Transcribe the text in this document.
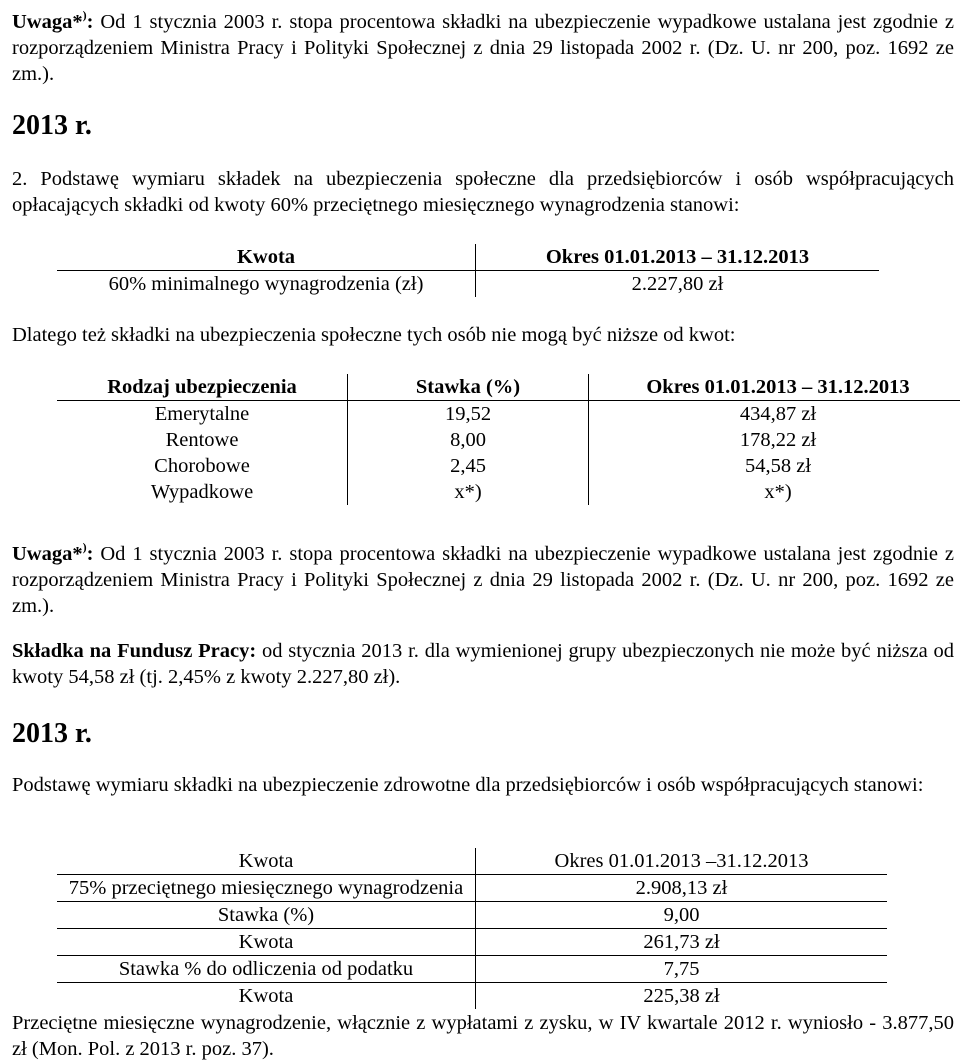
Uwaga*): Od 1 stycznia 2003 r. stopa procentowa składki na ubezpieczenie wypadkowe ustalana jest zgodnie z rozporządzeniem Ministra Pracy i Polityki Społecznej z dnia 29 listopada 2002 r. (Dz. U. nr 200, poz. 1692 ze zm.).

2013 r.

2. Podstawę wymiaru składek na ubezpieczenia społeczne dla przedsiębiorców i osób współpracujących opłacających składki od kwoty 60% przeciętnego miesięcznego wynagrodzenia stanowi:

Kwota	Okres 01.01.2013 – 31.12.2013
60% minimalnego wynagrodzenia (zł)	2.227,80 zł

Dlatego też składki na ubezpieczenia społeczne tych osób nie mogą być niższe od kwot:

Rodzaj ubezpieczenia	Stawka (%)	Okres 01.01.2013 – 31.12.2013
Emerytalne	19,52	434,87 zł
Rentowe	8,00	178,22 zł
Chorobowe	2,45	54,58 zł
Wypadkowe	x*)	x*)

Uwaga*): Od 1 stycznia 2003 r. stopa procentowa składki na ubezpieczenie wypadkowe ustalana jest zgodnie z rozporządzeniem Ministra Pracy i Polityki Społecznej z dnia 29 listopada 2002 r. (Dz. U. nr 200, poz. 1692 ze zm.).

Składka na Fundusz Pracy: od stycznia 2013 r. dla wymienionej grupy ubezpieczonych nie może być niższa od kwoty 54,58 zł (tj. 2,45% z kwoty 2.227,80 zł).

2013 r.

Podstawę wymiaru składki na ubezpieczenie zdrowotne dla przedsiębiorców i osób współpracujących stanowi:

Kwota	Okres 01.01.2013 –31.12.2013
75% przeciętnego miesięcznego wynagrodzenia	2.908,13 zł
Stawka (%)	9,00
Kwota	261,73 zł
Stawka % do odliczenia od podatku	7,75
Kwota	225,38 zł

Przeciętne miesięczne wynagrodzenie, włącznie z wypłatami z zysku, w IV kwartale 2012 r. wyniosło - 3.877,50 zł (Mon. Pol. z 2013 r. poz. 37).
